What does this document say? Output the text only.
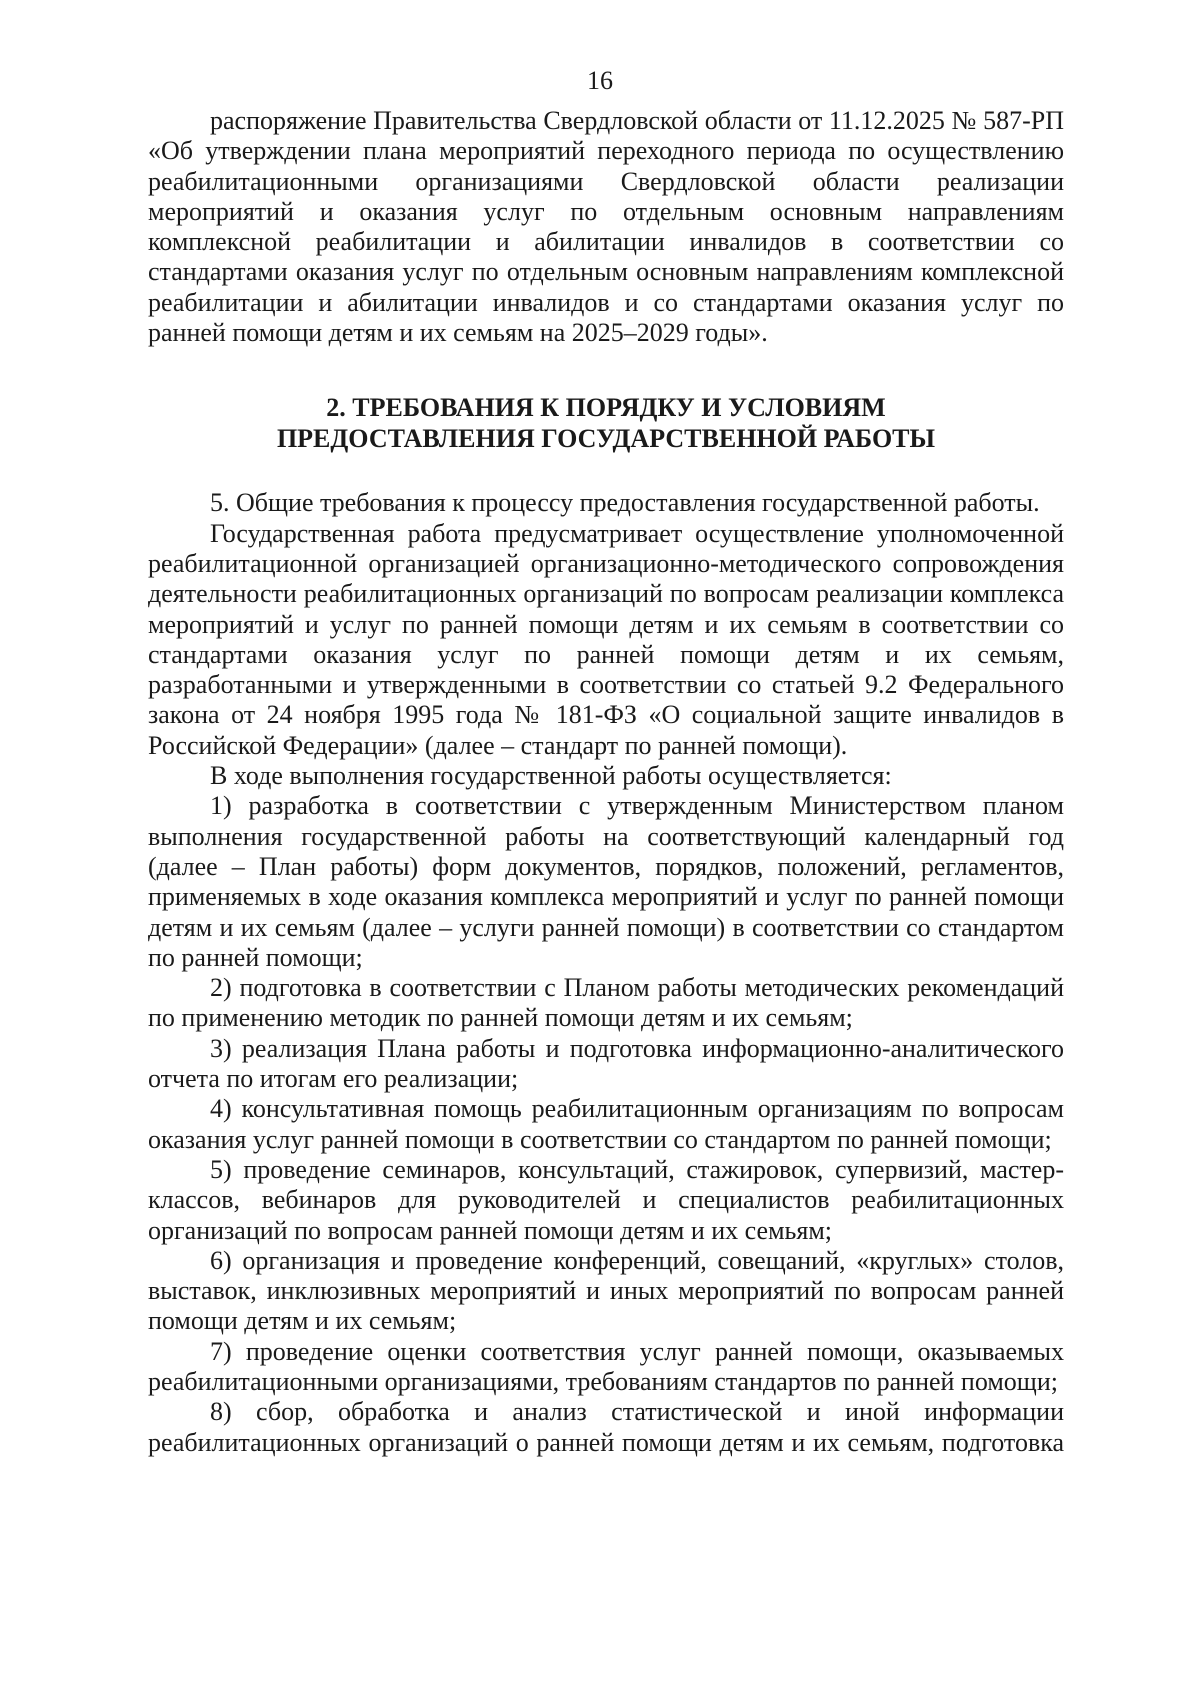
16

распоряжение Правительства Свердловской области от 11.12.2025 № 587-РП «Об утверждении плана мероприятий переходного периода по осуществлению реабилитационными организациями Свердловской области реализации мероприятий и оказания услуг по отдельным основным направлениям комплексной реабилитации и абилитации инвалидов в соответствии со стандартами оказания услуг по отдельным основным направлениям комплексной реабилитации и абилитации инвалидов и со стандартами оказания услуг по ранней помощи детям и их семьям на 2025–2029 годы».

2. ТРЕБОВАНИЯ К ПОРЯДКУ И УСЛОВИЯМ
ПРЕДОСТАВЛЕНИЯ ГОСУДАРСТВЕННОЙ РАБОТЫ

5. Общие требования к процессу предоставления государственной работы.

Государственная работа предусматривает осуществление уполномоченной реабилитационной организацией организационно-методического сопровождения деятельности реабилитационных организаций по вопросам реализации комплекса мероприятий и услуг по ранней помощи детям и их семьям в соответствии со стандартами оказания услуг по ранней помощи детям и их семьям, разработанными и утвержденными в соответствии со статьей 9.2 Федерального закона от 24 ноября 1995 года № 181-ФЗ «О социальной защите инвалидов в Российской Федерации» (далее – стандарт по ранней помощи).

В ходе выполнения государственной работы осуществляется:

1) разработка в соответствии с утвержденным Министерством планом выполнения государственной работы на соответствующий календарный год (далее – План работы) форм документов, порядков, положений, регламентов, применяемых в ходе оказания комплекса мероприятий и услуг по ранней помощи детям и их семьям (далее – услуги ранней помощи) в соответствии со стандартом по ранней помощи;

2) подготовка в соответствии с Планом работы методических рекомендаций по применению методик по ранней помощи детям и их семьям;

3) реализация Плана работы и подготовка информационно-аналитического отчета по итогам его реализации;

4) консультативная помощь реабилитационным организациям по вопросам оказания услуг ранней помощи в соответствии со стандартом по ранней помощи;

5) проведение семинаров, консультаций, стажировок, супервизий, мастер-классов, вебинаров для руководителей и специалистов реабилитационных организаций по вопросам ранней помощи детям и их семьям;

6) организация и проведение конференций, совещаний, «круглых» столов, выставок, инклюзивных мероприятий и иных мероприятий по вопросам ранней помощи детям и их семьям;

7) проведение оценки соответствия услуг ранней помощи, оказываемых реабилитационными организациями, требованиям стандартов по ранней помощи;

8) сбор, обработка и анализ статистической и иной информации реабилитационных организаций о ранней помощи детям и их семьям, подготовка
